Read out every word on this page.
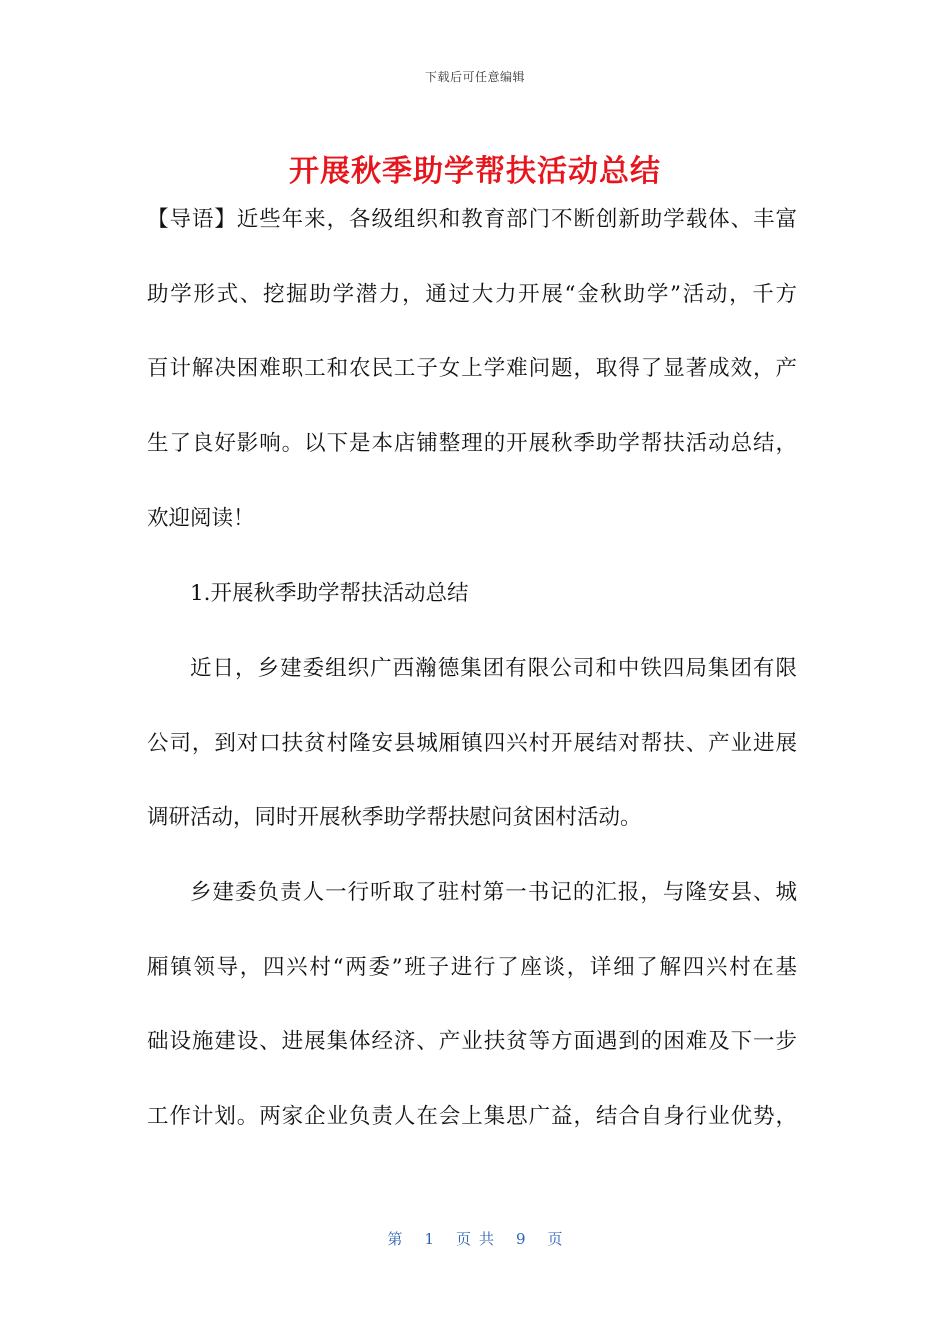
下载后可任意编辑
开展秋季助学帮扶活动总结
【导语】近些年来，各级组织和教育部门不断创新助学载体、丰富
助学形式、挖掘助学潜力，通过大力开展“金秋助学”活动，千方
百计解决困难职工和农民工子女上学难问题，取得了显著成效，产
生了良好影响。以下是本店铺整理的开展秋季助学帮扶活动总结，
欢迎阅读！
1.开展秋季助学帮扶活动总结
近日，乡建委组织广西瀚德集团有限公司和中铁四局集团有限
公司，到对口扶贫村隆安县城厢镇四兴村开展结对帮扶、产业进展
调研活动，同时开展秋季助学帮扶慰问贫困村活动。
乡建委负责人一行听取了驻村第一书记的汇报，与隆安县、城
厢镇领导，四兴村“两委”班子进行了座谈，详细了解四兴村在基
础设施建设、进展集体经济、产业扶贫等方面遇到的困难及下一步
工作计划。两家企业负责人在会上集思广益，结合自身行业优势，
第 1 页共 9 页
